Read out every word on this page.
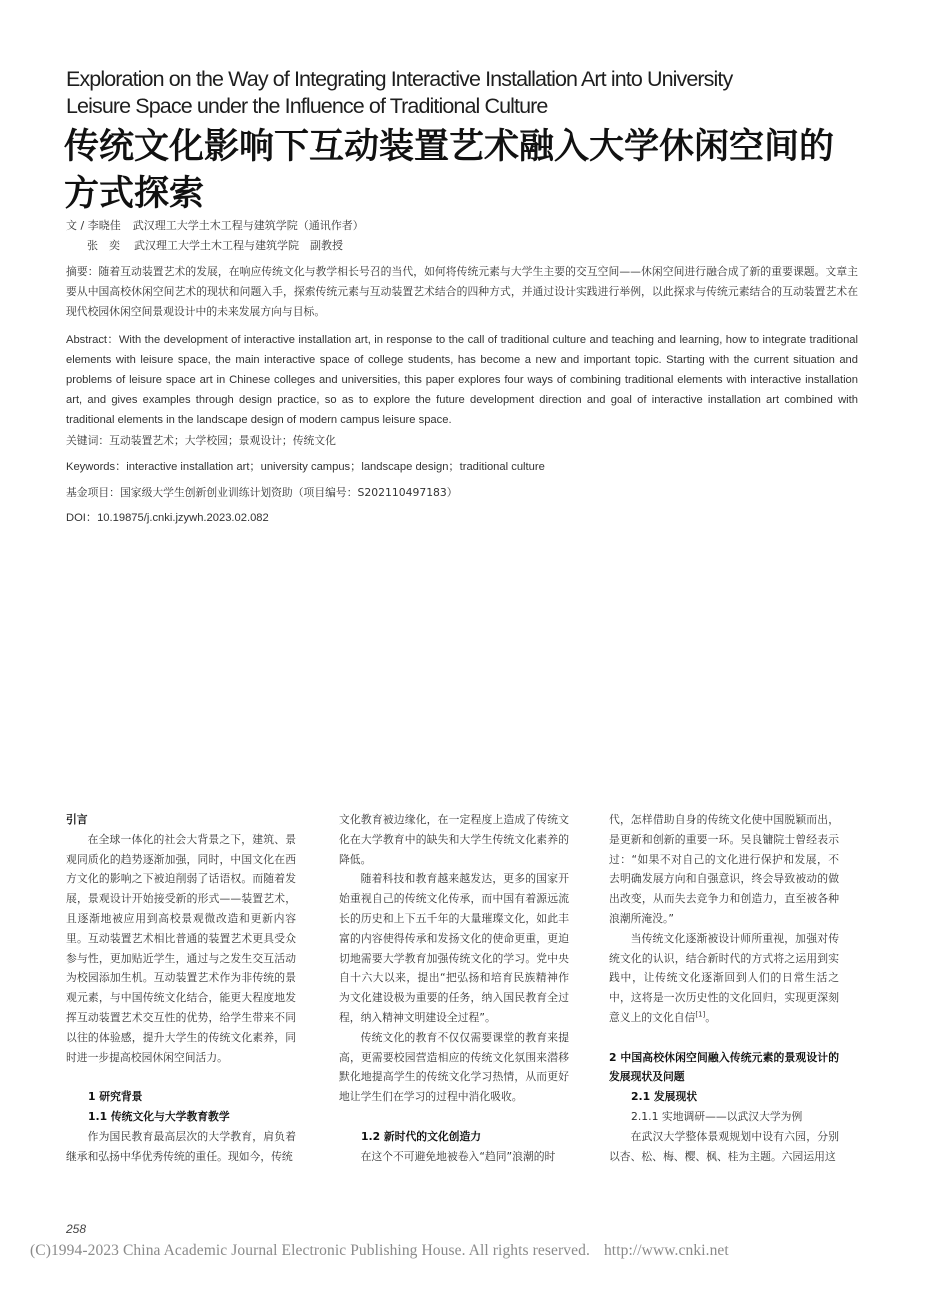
Exploration on the Way of Integrating Interactive Installation Art into University
Leisure Space under the Influence of Traditional Culture
传统文化影响下互动装置艺术融入大学休闲空间的
方式探索
文 / 李晓佳 武汉理工大学土木工程与建筑学院（通讯作者）
张　奕 武汉理工大学土木工程与建筑学院　副教授

摘要：随着互动装置艺术的发展，在响应传统文化与教学相长号召的当代，如何将传统元素与大学生主要的交互空间——休闲空间进行融合成了新的重要课题。文章主要从中国高校休闲空间艺术的现状和问题入手，探索传统元素与互动装置艺术结合的四种方式，并通过设计实践进行举例，以此探求与传统元素结合的互动装置艺术在现代校园休闲空间景观设计中的未来发展方向与目标。

Abstract：With the development of interactive installation art, in response to the call of traditional culture and teaching and learning, how to integrate traditional elements with leisure space, the main interactive space of college students, has become a new and important topic. Starting with the current situation and problems of leisure space art in Chinese colleges and universities, this paper explores four ways of combining traditional elements with interactive installation art, and gives examples through design practice, so as to explore the future development direction and goal of interactive installation art combined with traditional elements in the landscape design of modern campus leisure space.

关键词：互动装置艺术；大学校园；景观设计；传统文化

Keywords：interactive installation art；university campus；landscape design；traditional culture

基金项目：国家级大学生创新创业训练计划资助（项目编号：S202110497183）

DOI：10.19875/j.cnki.jzywh.2023.02.082

引言

在全球一体化的社会大背景之下，建筑、景观同质化的趋势逐渐加强，同时，中国文化在西方文化的影响之下被迫削弱了话语权。而随着发展，景观设计开始接受新的形式——装置艺术，且逐渐地被应用到高校景观微改造和更新内容里。互动装置艺术相比普通的装置艺术更具受众参与性，更加贴近学生，通过与之发生交互活动为校园添加生机。互动装置艺术作为非传统的景观元素，与中国传统文化结合，能更大程度地发挥互动装置艺术交互性的优势，给学生带来不同以往的体验感，提升大学生的传统文化素养，同时进一步提高校园休闲空间活力。

1 研究背景

1.1 传统文化与大学教育教学

作为国民教育最高层次的大学教育，肩负着继承和弘扬中华优秀传统的重任。现如今，传统

文化教育被边缘化，在一定程度上造成了传统文化在大学教育中的缺失和大学生传统文化素养的降低。

随着科技和教育越来越发达，更多的国家开始重视自己的传统文化传承，而中国有着源远流长的历史和上下五千年的大量璀璨文化，如此丰富的内容使得传承和发扬文化的使命更重，更迫切地需要大学教育加强传统文化的学习。党中央自十六大以来，提出“把弘扬和培育民族精神作为文化建设极为重要的任务，纳入国民教育全过程，纳入精神文明建设全过程”。

传统文化的教育不仅仅需要课堂的教育来提高，更需要校园营造相应的传统文化氛围来潜移默化地提高学生的传统文化学习热情，从而更好地让学生们在学习的过程中消化吸收。

1.2 新时代的文化创造力

在这个不可避免地被卷入“趋同”浪潮的时

代，怎样借助自身的传统文化使中国脱颖而出，是更新和创新的重要一环。吴良镛院士曾经表示过：“如果不对自己的文化进行保护和发展，不去明确发展方向和自强意识，终会导致被动的做出改变，从而失去竞争力和创造力，直至被各种浪潮所淹没。”

当传统文化逐渐被设计师所重视，加强对传统文化的认识，结合新时代的方式将之运用到实践中，让传统文化逐渐回到人们的日常生活之中，这将是一次历史性的文化回归，实现更深刻意义上的文化自信[1]。

2 中国高校休闲空间融入传统元素的景观设计的发展现状及问题

2.1 发展现状

2.1.1 实地调研——以武汉大学为例

在武汉大学整体景观规划中设有六园，分别以杏、松、梅、樱、枫、桂为主题。六园运用这

258
(C)1994-2023 China Academic Journal Electronic Publishing House. All rights reserved. http://www.cnki.net
